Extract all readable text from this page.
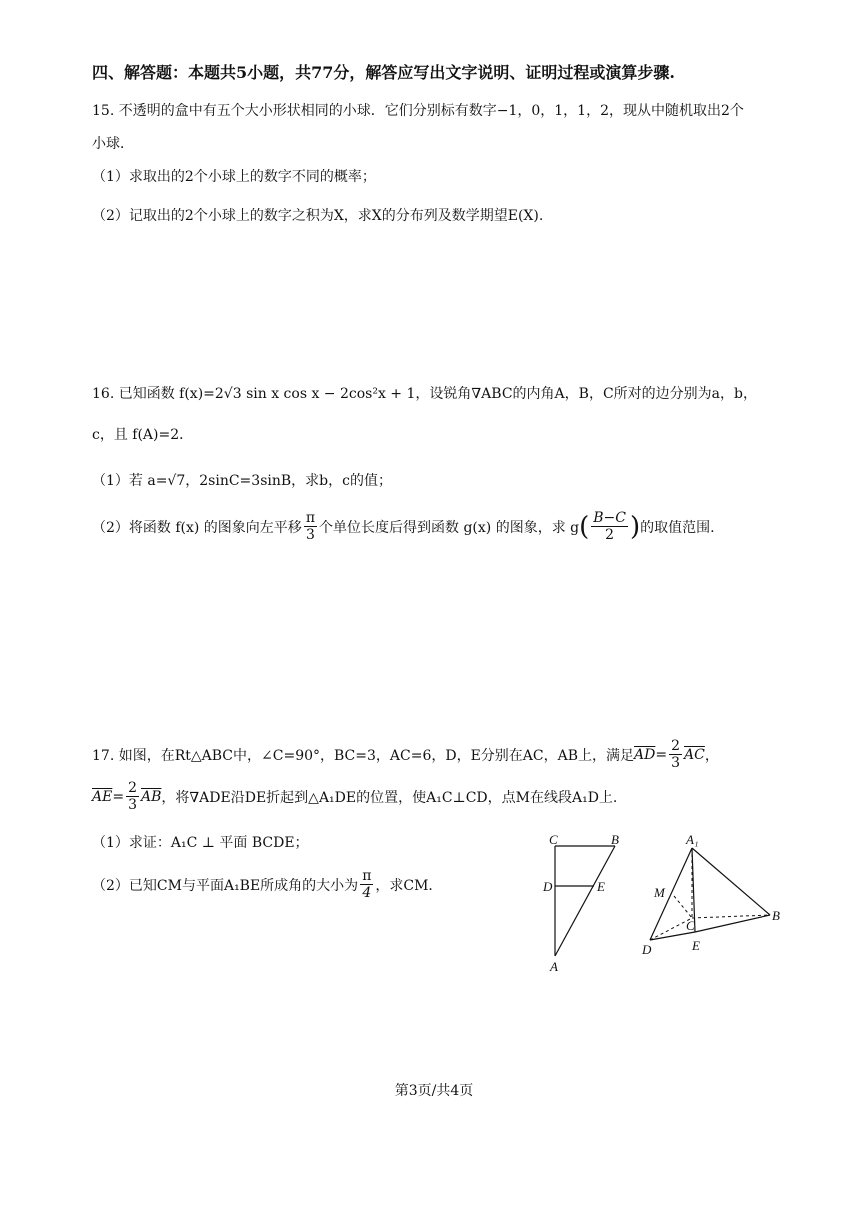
四、解答题：本题共5小题，共77分，解答应写出文字说明、证明过程或演算步骤.
15. 不透明的盒中有五个大小形状相同的小球．它们分别标有数字−1，0，1，1，2，现从中随机取出2个
小球．
（1）求取出的2个小球上的数字不同的概率；
（2）记取出的2个小球上的数字之积为X，求X的分布列及数学期望E(X).
16. 已知函数 f(x)=2√3 sin x cos x − 2cos²x + 1，设锐角∇ABC的内角A，B，C所对的边分别为a，b，
c，且 f(A)=2．
（1）若 a=√7，2sinC=3sinB，求b，c的值；
（2）将函数 f(x) 的图象向左平移 $\frac{\pi}{3}$ 个单位长度后得到函数 g(x) 的图象，求 g ( $\frac{B-C}{2}$ ) 的取值范围.
17. 如图，在Rt△ABC中，∠C=90°，BC=3，AC=6，D，E分别在AC，AB上，满足 $\overline{AD} = \frac{2}{3} \overline{AC}$ ，
$\overline{AE} = \frac{2}{3} \overline{AB}$ ，将∇ADE沿DE折起到△A₁DE的位置，使A₁C⊥CD，点M在线段A₁D上.
（1）求证：A₁C ⊥ 平面 BCDE；
（2）已知CM与平面A₁BE所成角的大小为 $\frac{\pi}{4}$ ，求CM．
C	B
D	E
A
A₁
M
C
B
D	E
第3页/共4页
